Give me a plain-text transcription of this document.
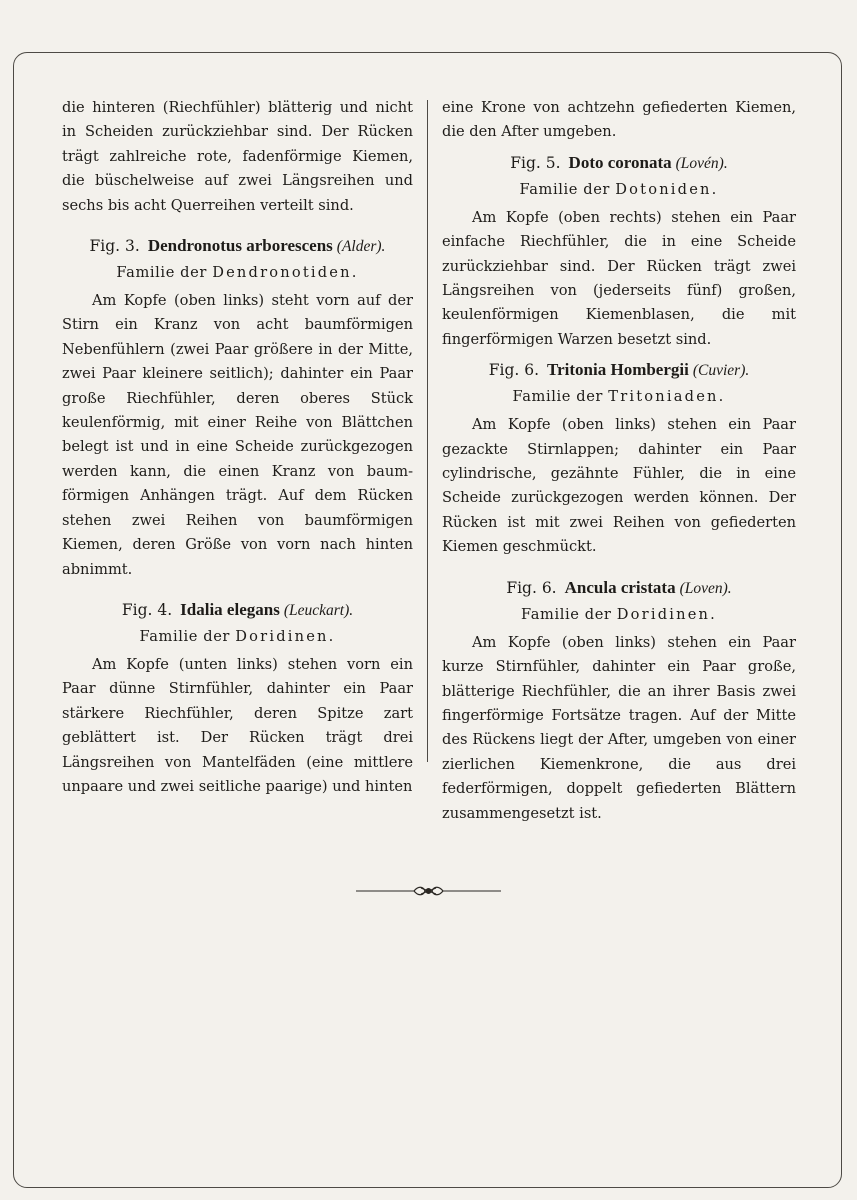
die hinteren (Riechfühler) blätterig und nicht in Scheiden zurückziehbar sind. Der Rücken trägt zahlreiche rote, fadenförmige Kiemen, die büschelweise auf zwei Längsreihen und sechs bis acht Querreihen verteilt sind.

Fig. 3. Dendronotus arborescens (Alder).

Familie der Dendronotiden.

Am Kopfe (oben links) steht vorn auf der Stirn ein Kranz von acht baumförmigen Nebenfühlern (zwei Paar größere in der Mitte, zwei Paar kleinere seitlich); dahinter ein Paar große Riechfühler, deren oberes Stück keulenförmig, mit einer Reihe von Blättchen belegt ist und in eine Scheide zurückgezogen werden kann, die einen Kranz von baumförmigen Anhängen trägt. Auf dem Rücken stehen zwei Reihen von baumförmigen Kiemen, deren Größe von vorn nach hinten abnimmt.

Fig. 4. Idalia elegans (Leuckart).

Familie der Doridinen.

Am Kopfe (unten links) stehen vorn ein Paar dünne Stirnfühler, dahinter ein Paar stärkere Riechfühler, deren Spitze zart geblättert ist. Der Rücken trägt drei Längsreihen von Mantelfäden (eine mittlere unpaare und zwei seitliche paarige) und hinten

eine Krone von achtzehn gefiederten Kiemen, die den After umgeben.

Fig. 5. Doto coronata (Lovén).

Familie der Dotoniden.

Am Kopfe (oben rechts) stehen ein Paar einfache Riechfühler, die in eine Scheide zurückziehbar sind. Der Rücken trägt zwei Längsreihen von (jederseits fünf) großen, keulenförmigen Kiemenblasen, die mit fingerförmigen Warzen besetzt sind.

Fig. 6. Tritonia Hombergii (Cuvier).

Familie der Tritoniaden.

Am Kopfe (oben links) stehen ein Paar gezackte Stirnlappen; dahinter ein Paar cylindrische, gezähnte Fühler, die in eine Scheide zurückgezogen werden können. Der Rücken ist mit zwei Reihen von gefiederten Kiemen geschmückt.

Fig. 6. Ancula cristata (Loven).

Familie der Doridinen.

Am Kopfe (oben links) stehen ein Paar kurze Stirnfühler, dahinter ein Paar große, blätterige Riechfühler, die an ihrer Basis zwei fingerförmige Fortsätze tragen. Auf der Mitte des Rückens liegt der After, umgeben von einer zierlichen Kiemenkrone, die aus drei federförmigen, doppelt gefiederten Blättern zusammengesetzt ist.
